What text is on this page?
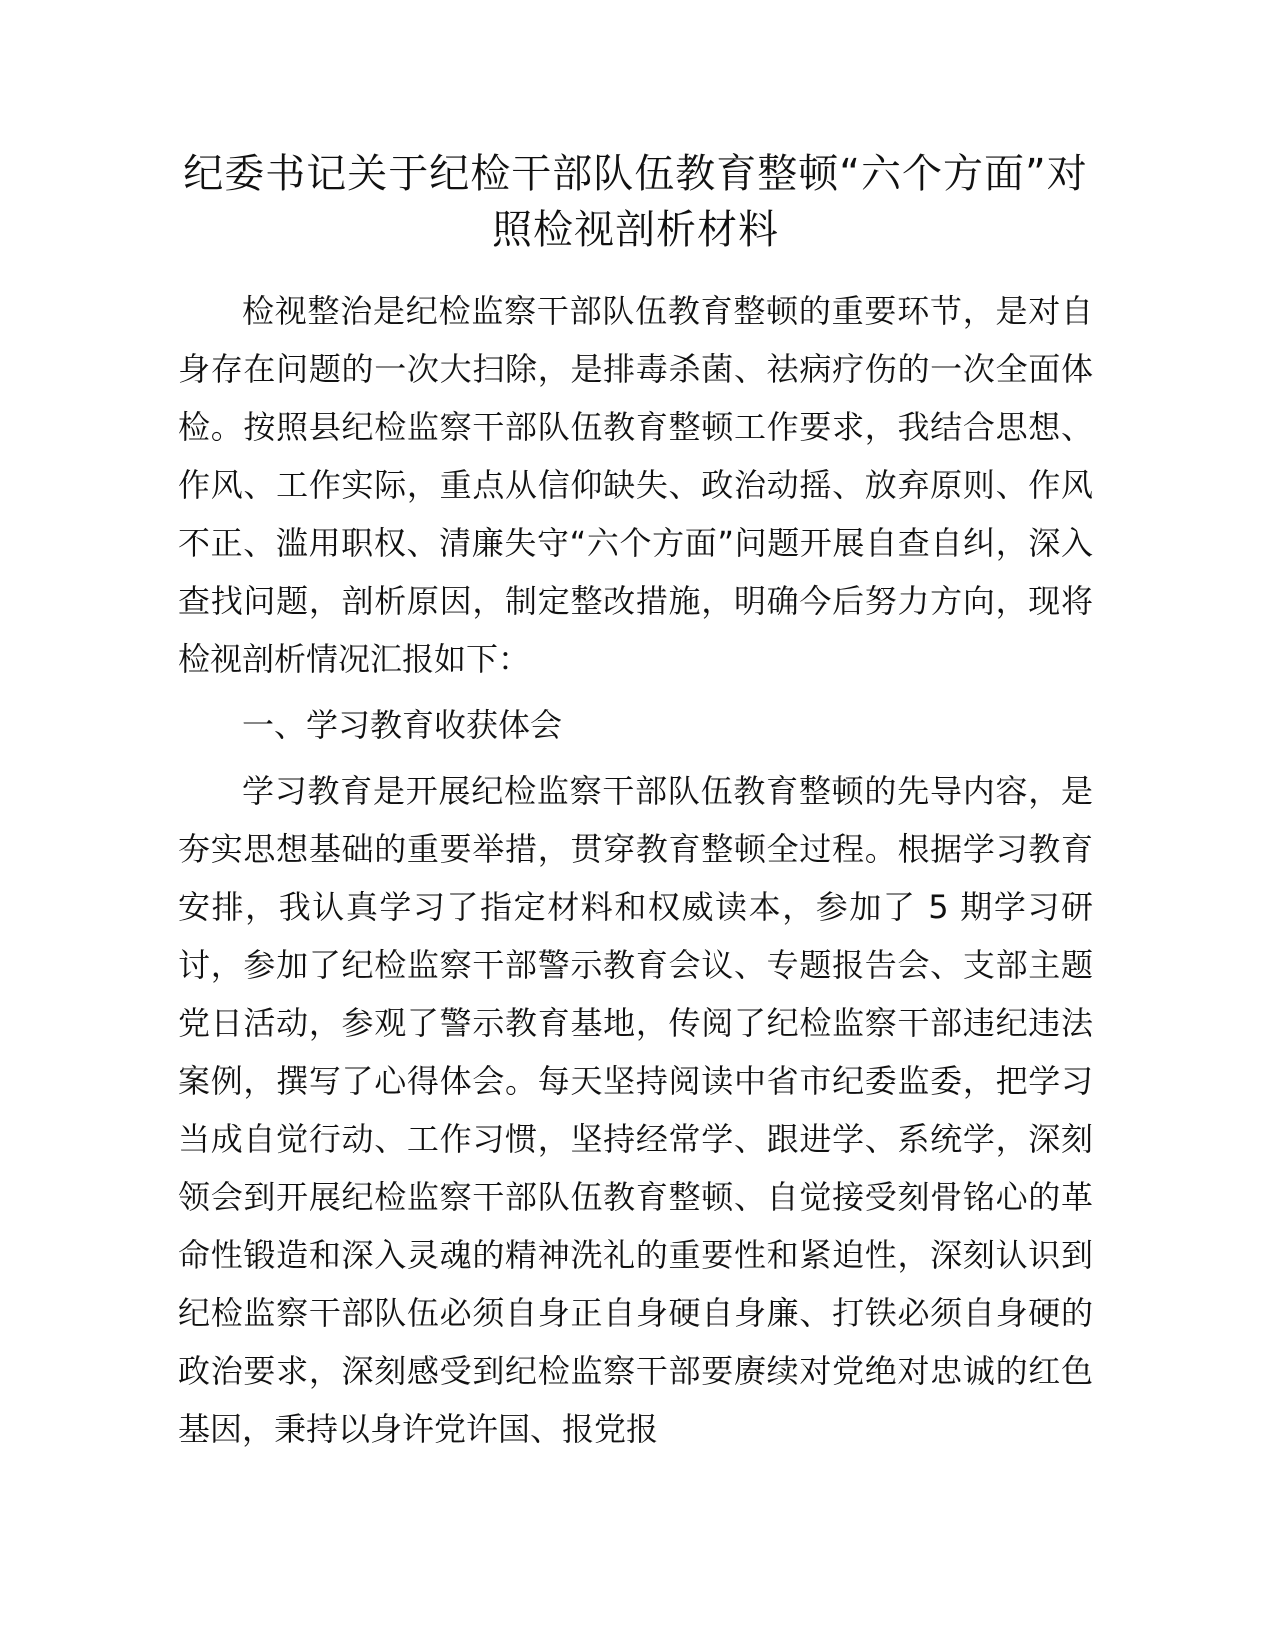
纪委书记关于纪检干部队伍教育整顿“六个方面”对照检视剖析材料

检视整治是纪检监察干部队伍教育整顿的重要环节，是对自身存在问题的一次大扫除，是排毒杀菌、祛病疗伤的一次全面体检。按照县纪检监察干部队伍教育整顿工作要求，我结合思想、作风、工作实际，重点从信仰缺失、政治动摇、放弃原则、作风不正、滥用职权、清廉失守“六个方面”问题开展自查自纠，深入查找问题，剖析原因，制定整改措施，明确今后努力方向，现将检视剖析情况汇报如下：

一、学习教育收获体会

学习教育是开展纪检监察干部队伍教育整顿的先导内容，是夯实思想基础的重要举措，贯穿教育整顿全过程。根据学习教育安排，我认真学习了指定材料和权威读本，参加了 5 期学习研讨，参加了纪检监察干部警示教育会议、专题报告会、支部主题党日活动，参观了警示教育基地，传阅了纪检监察干部违纪违法案例，撰写了心得体会。每天坚持阅读中省市纪委监委，把学习当成自觉行动、工作习惯，坚持经常学、跟进学、系统学，深刻领会到开展纪检监察干部队伍教育整顿、自觉接受刻骨铭心的革命性锻造和深入灵魂的精神洗礼的重要性和紧迫性，深刻认识到纪检监察干部队伍必须自身正自身硬自身廉、打铁必须自身硬的政治要求，深刻感受到纪检监察干部要赓续对党绝对忠诚的红色基因，秉持以身许党许国、报党报
